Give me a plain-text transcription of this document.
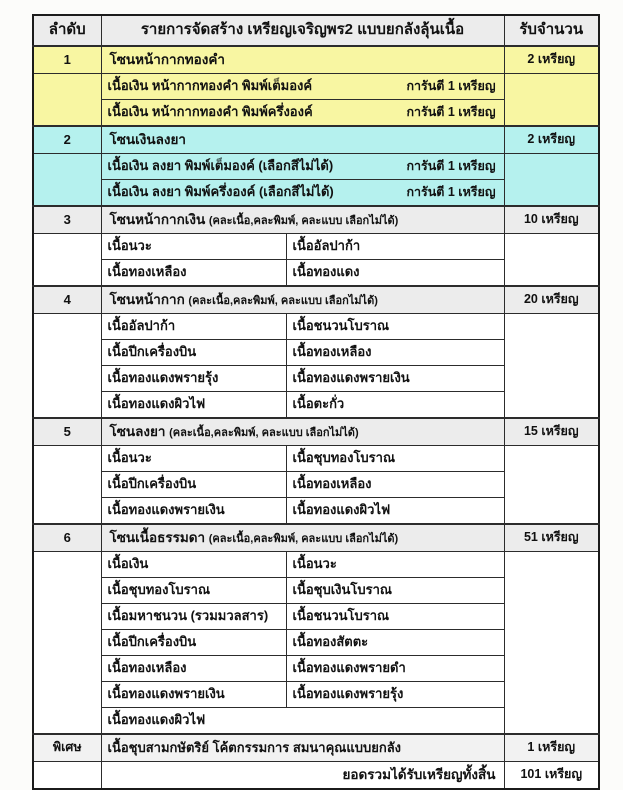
ลำดับ	รายการจัดสร้าง เหรียญเจริญพร2 แบบยกลังลุ้นเนื้อ		รับจำนวน
1	โซนหน้ากากทองคำ		2 เหรียญ

	เนื้อเงิน หน้ากากทองคำ พิมพ์เต็มองค์ การันตี 1 เหรียญ		

	เนื้อเงิน หน้ากากทองคำ พิมพ์ครึ่งองค์ การันตี 1 เหรียญ		

2	โซนเงินลงยา		2 เหรียญ

	เนื้อเงิน ลงยา พิมพ์เต็มองค์ (เลือกสีไม่ได้) การันตี 1 เหรียญ		

	เนื้อเงิน ลงยา พิมพ์ครึ่งองค์ (เลือกสีไม่ได้) การันตี 1 เหรียญ		

3	โซนหน้ากากเงิน (คละเนื้อ,คละพิมพ์, คละแบบ เลือกไม่ได้)		10 เหรียญ
	เนื้อนวะ	เนื้ออัลปาก้า	
	เนื้อทองเหลือง	เนื้อทองแดง	
4	โซนหน้ากาก (คละเนื้อ,คละพิมพ์, คละแบบ เลือกไม่ได้)		20 เหรียญ
	เนื้ออัลปาก้า	เนื้อชนวนโบราณ	
	เนื้อปีกเครื่องบิน	เนื้อทองเหลือง	
	เนื้อทองแดงพรายรุ้ง	เนื้อทองแดงพรายเงิน	
	เนื้อทองแดงผิวไฟ	เนื้อตะกั่ว	
5	โซนลงยา (คละเนื้อ,คละพิมพ์, คละแบบ เลือกไม่ได้)		15 เหรียญ
	เนื้อนวะ	เนื้อชุบทองโบราณ	
	เนื้อปีกเครื่องบิน	เนื้อทองเหลือง	
	เนื้อทองแดงพรายเงิน	เนื้อทองแดงผิวไฟ	
6	โซนเนื้อธรรมดา (คละเนื้อ,คละพิมพ์, คละแบบ เลือกไม่ได้)		51 เหรียญ
	เนื้อเงิน	เนื้อนวะ	
	เนื้อชุบทองโบราณ	เนื้อชุบเงินโบราณ	
	เนื้อมหาชนวน (รวมมวลสาร)	เนื้อชนวนโบราณ	
	เนื้อปีกเครื่องบิน	เนื้อทองสัตตะ	
	เนื้อทองเหลือง	เนื้อทองแดงพรายดำ	
	เนื้อทองแดงพรายเงิน	เนื้อทองแดงพรายรุ้ง	
	เนื้อทองแดงผิวไฟ		
พิเศษ	เนื้อชุบสามกษัตริย์ โค้ตกรรมการ สมนาคุณแบบยกลัง		1 เหรียญ
	ยอดรวมได้รับเหรียญทั้งสิ้น		101 เหรียญ
